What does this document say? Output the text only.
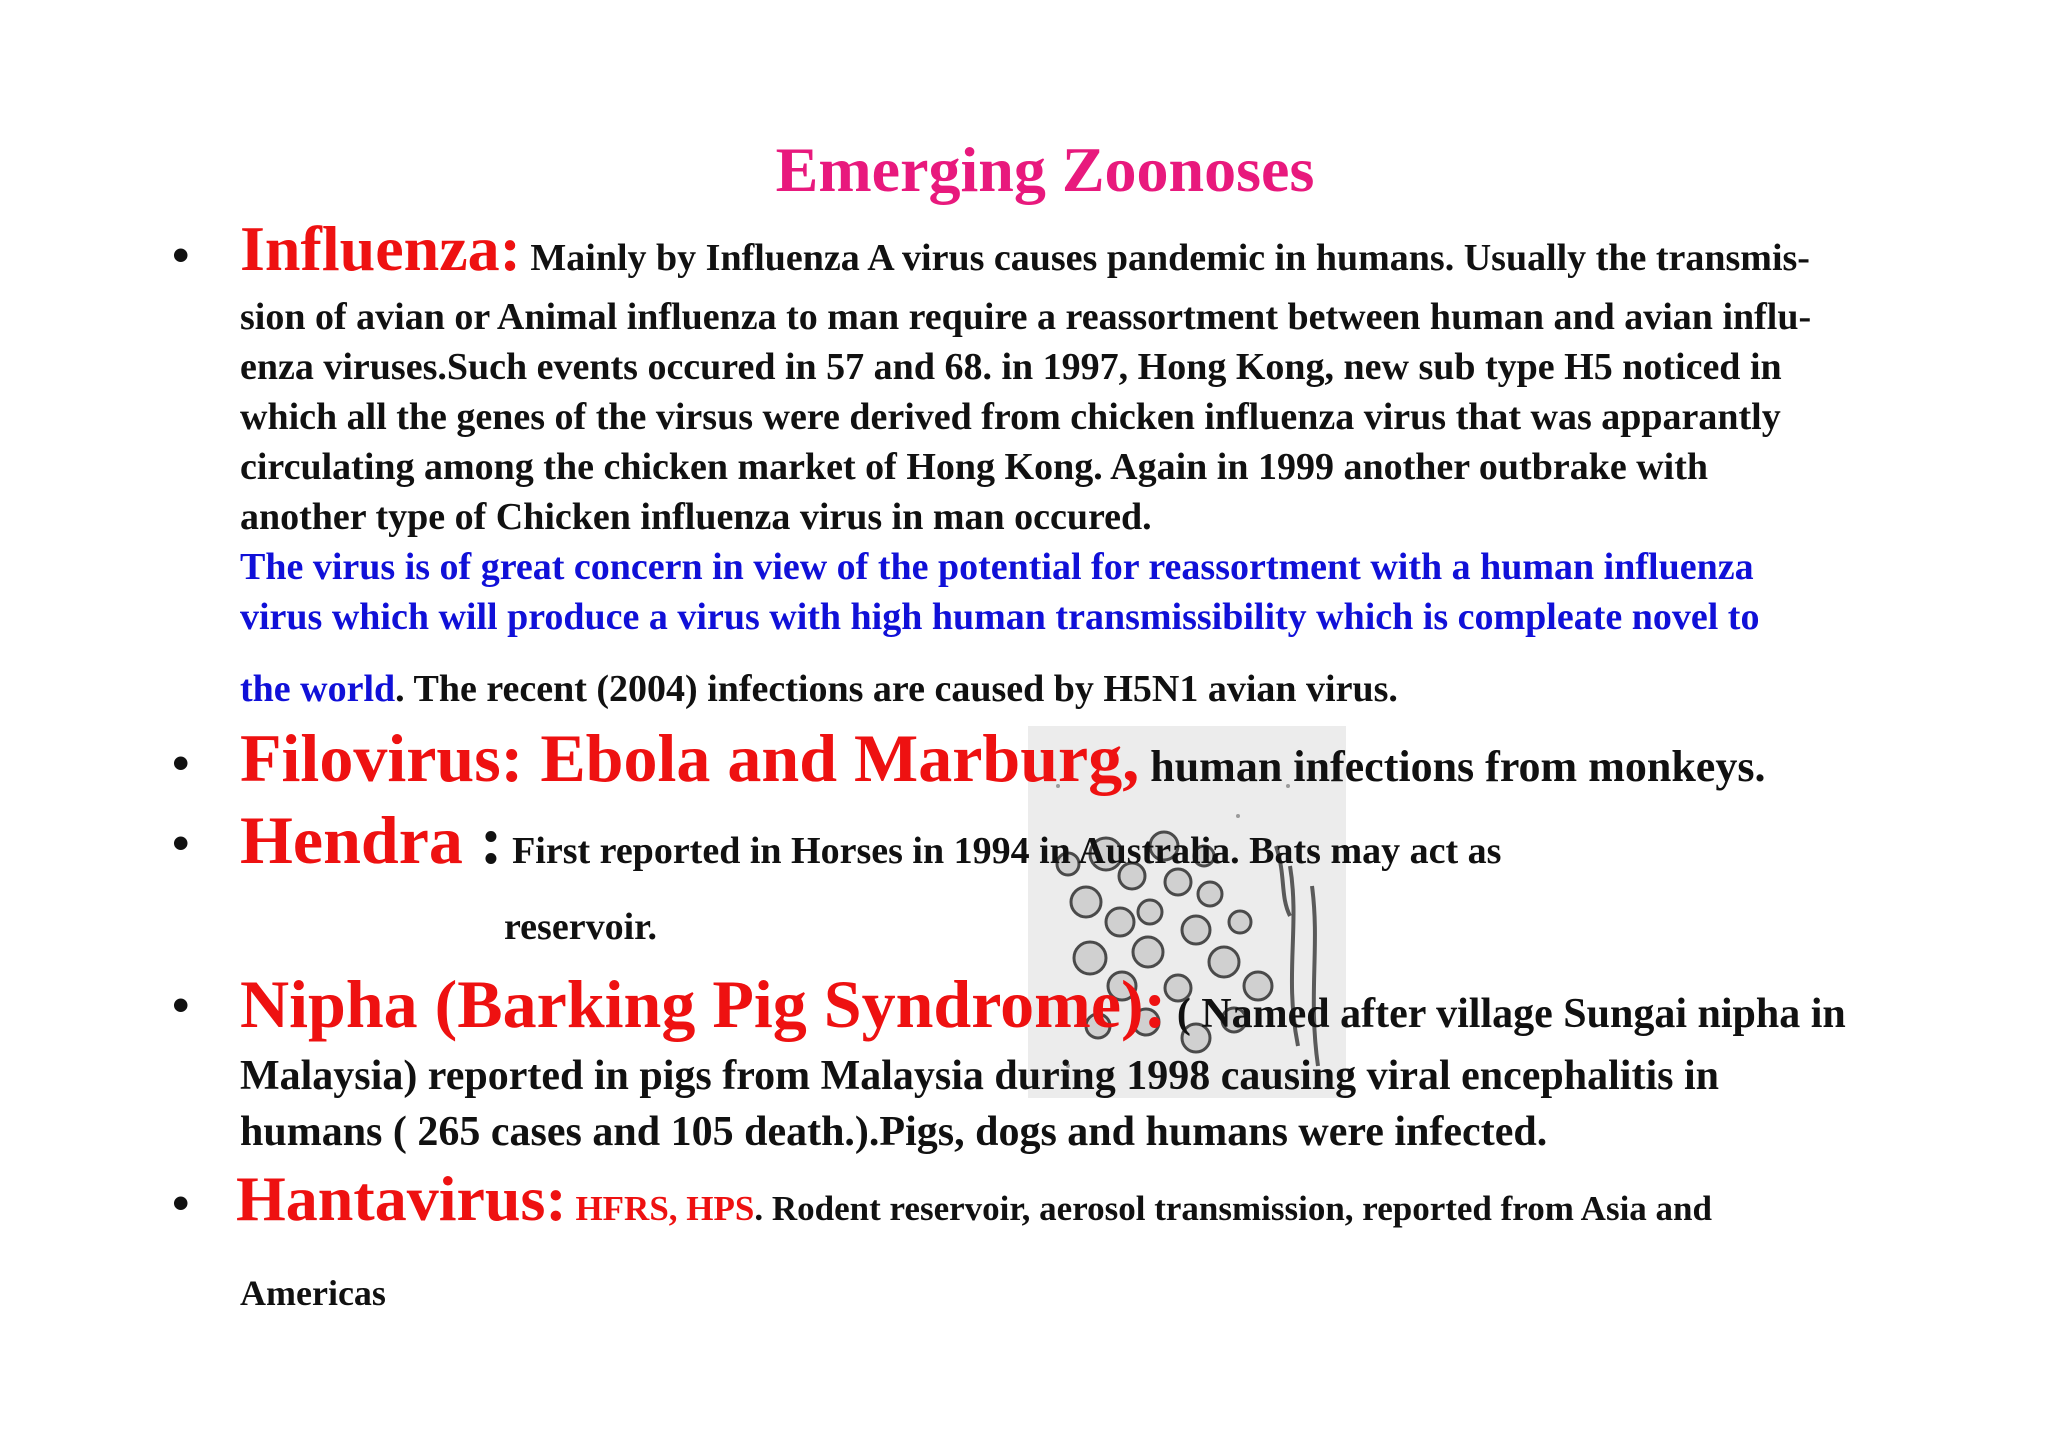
Emerging Zoonoses
• Influenza: Mainly by Influenza A virus causes pandemic in humans. Usually the transmis-

sion of avian or Animal influenza to man require a reassortment between human and avian influ-
enza viruses.Such events occured in 57 and 68. in 1997, Hong Kong, new sub type H5 noticed in
which all the genes of the virsus were derived from chicken influenza virus that was apparantly
circulating among the chicken market of Hong Kong. Again in 1999 another outbrake with
another type of Chicken influenza virus in man occured.
The virus is of great concern in view of the potential for reassortment with a human influenza
virus which will produce a virus with high human transmissibility which is compleate novel to
the world. The recent (2004) infections are caused by H5N1 avian virus.
• Filovirus: Ebola and Marburg, human infections from monkeys.

• Hendra : First reported in Horses in 1994 in Australia. Bats may act as

reservoir.
• Nipha (Barking Pig Syndrome): ( Named after village Sungai nipha in

Malaysia) reported in pigs from Malaysia during 1998 causing viral encephalitis in
humans ( 265 cases and 105 death.).Pigs, dogs and humans were infected.
• Hantavirus: HFRS, HPS. Rodent reservoir, aerosol transmission, reported from Asia and

Americas
